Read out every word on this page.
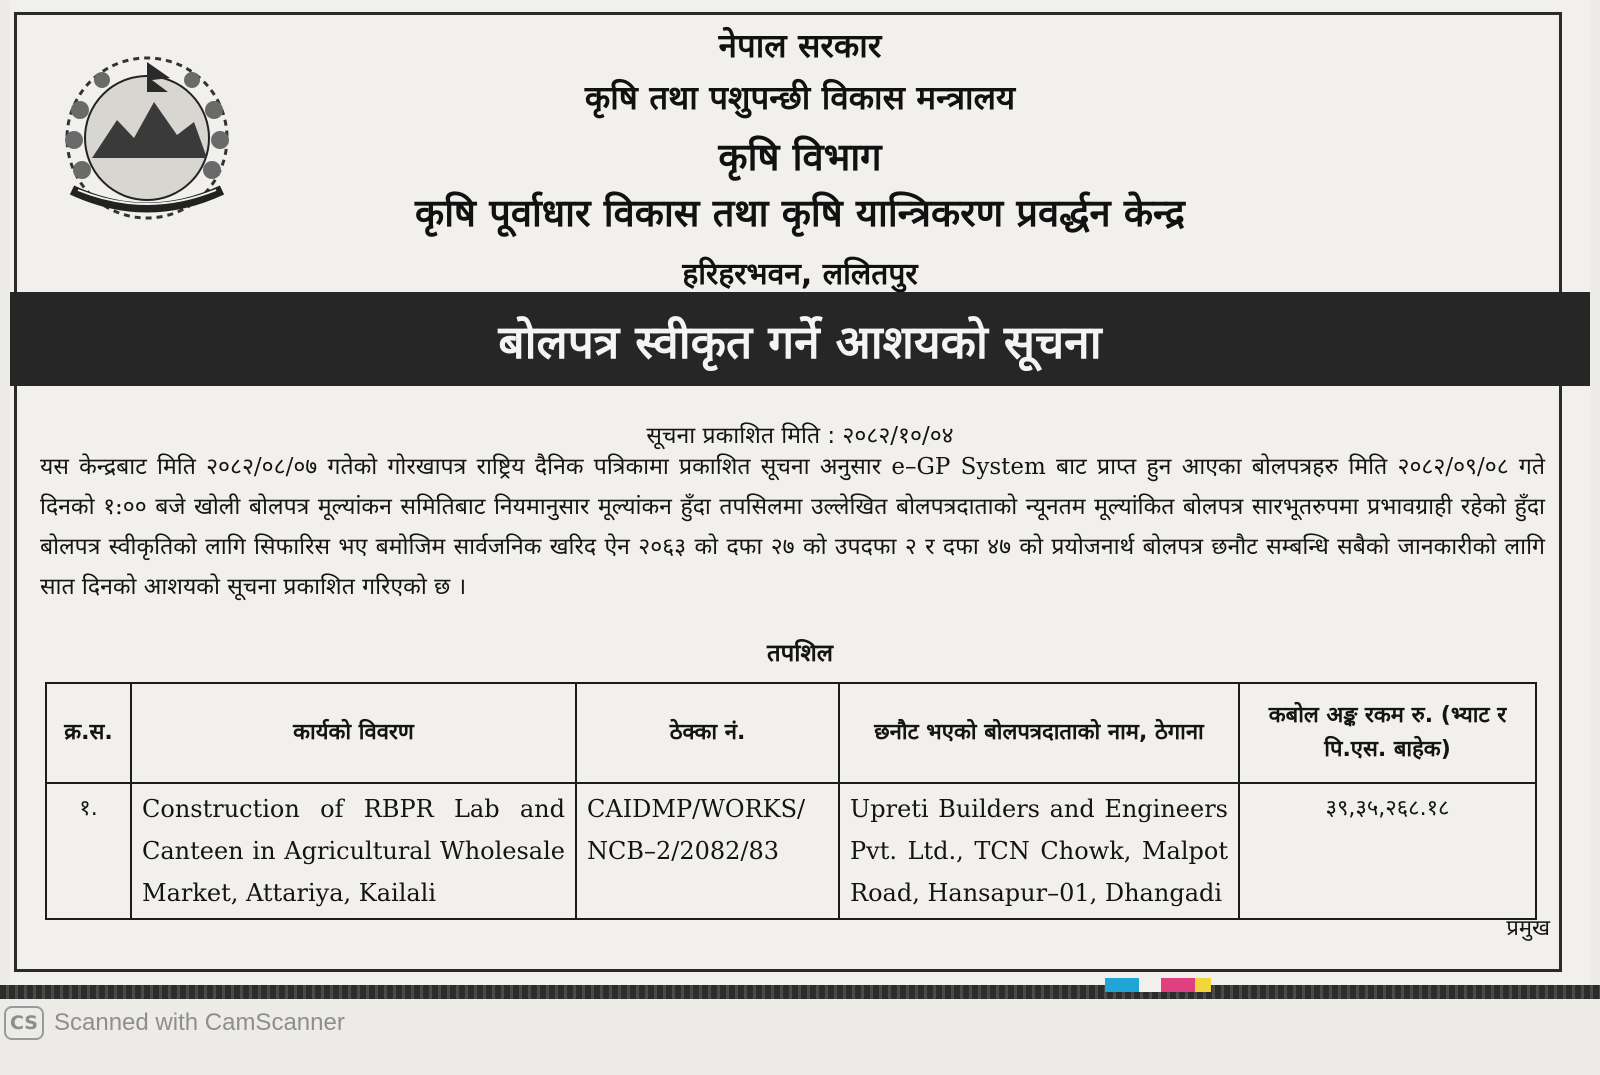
नेपाल सरकार
कृषि तथा पशुपन्छी विकास मन्त्रालय
कृषि विभाग
कृषि पूर्वाधार विकास तथा कृषि यान्त्रिकरण प्रवर्द्धन केन्द्र
हरिहरभवन, ललितपुर
बोलपत्र स्वीकृत गर्ने आशयको सूचना
सूचना प्रकाशित मिति : २०८२/१०/०४
यस केन्द्रबाट मिति २०८२/०८/०७ गतेको गोरखापत्र राष्ट्रिय दैनिक पत्रिकामा प्रकाशित सूचना अनुसार e–GP System बाट प्राप्त हुन आएका बोलपत्रहरु मिति २०८२/०९/०८ गते दिनको १:०० बजे खोली बोलपत्र मूल्यांकन समितिबाट नियमानुसार मूल्यांकन हुँदा तपसिलमा उल्लेखित बोलपत्रदाताको न्यूनतम मूल्यांकित बोलपत्र सारभूतरुपमा प्रभावग्राही रहेको हुँदा बोलपत्र स्वीकृतिको लागि सिफारिस भए बमोजिम सार्वजनिक खरिद ऐन २०६३ को दफा २७ को उपदफा २ र दफा ४७ को प्रयोजनार्थ बोलपत्र छनौट सम्बन्धि सबैको जानकारीको लागि सात दिनको आशयको सूचना प्रकाशित गरिएको छ ।
तपशिल
क्र.स.	कार्यको विवरण	ठेक्का नं.	छनौट भएको बोलपत्रदाताको नाम, ठेगाना	कबोल अङ्क रकम रु. (भ्याट र पि.एस. बाहेक)
१.	Construction of RBPR Lab and Canteen in Agricultural Wholesale Market, Attariya, Kailali	CAIDMP/WORKS/ NCB–2/2082/83	Upreti Builders and Engineers Pvt. Ltd., TCN Chowk, Malpot Road, Hansapur–01, Dhangadi	३९,३५,२६८.१८
प्रमुख
CS Scanned with CamScanner
